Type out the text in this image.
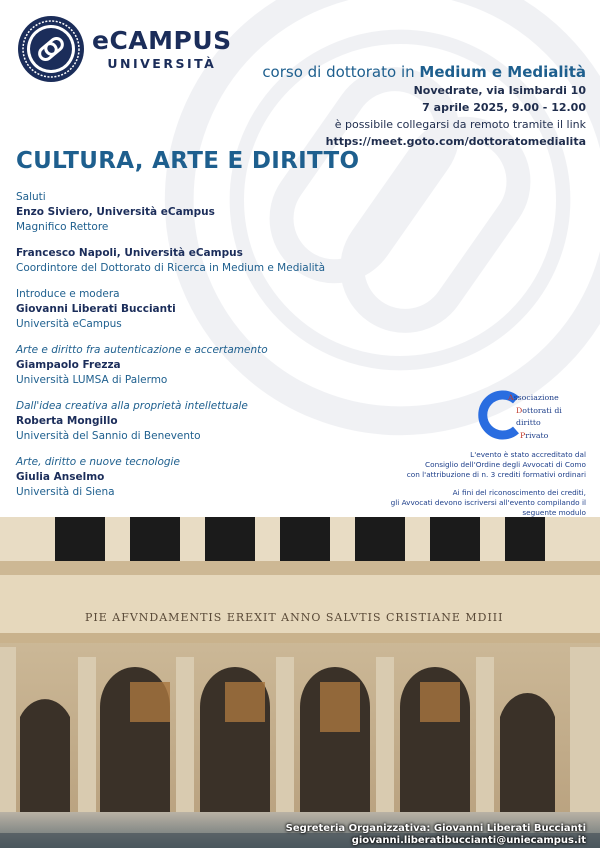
eCAMPUS
UNIVERSITÀ	corso di dottorato in Medium e Medialità
Novedrate, via Isimbardi 10
7 aprile 2025, 9.00 - 12.00
è possibile collegarsi da remoto tramite il link
https://meet.goto.com/dottoratomedialita
CULTURA, ARTE E DIRITTO
Saluti
Enzo Siviero, Università eCampus
Magnifico Rettore
Francesco Napoli, Università eCampus
Coordintore del Dottorato di Ricerca in Medium e Medialità
Introduce e modera
Giovanni Liberati Buccianti
Università eCampus
Arte e diritto fra autenticazione e accertamento
Giampaolo Frezza
Università LUMSA di Palermo
Dall'idea creativa alla proprietà intellettuale
Roberta Mongillo
Università del Sannio di Benevento
Arte, diritto e nuove tecnologie
Giulia Anselmo
Università di Siena
Associazione
Dottorati di diritto
Privato

L'evento è stato accreditato dal
Consiglio dell'Ordine degli Avvocati di Como
con l'attribuzione di n. 3 crediti formativi ordinari

Ai fini del riconoscimento dei crediti,
gli Avvocati devono iscriversi all'evento compilando il seguente modulo

PIE AFVNDAMENTIS EREXIT ANNO SALVTIS CRISTIANE MDIII
Segreteria Organizzativa: Giovanni Liberati Buccianti
giovanni.liberatibuccianti@uniecampus.it
